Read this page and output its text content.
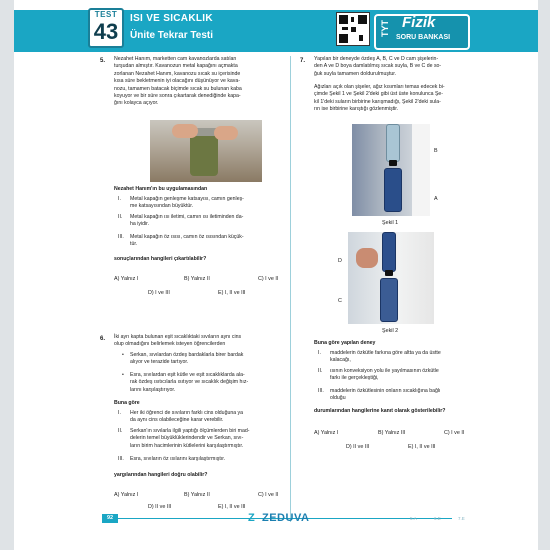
TEST
43
ISI VE SICAKLIK
Ünite Tekrar Testi	TYT Fizik
SORU BANKASI
5. Nezahet Hanım, marketten cam kavanozlarda satılan
turşudan almıştır. Kavanozun metal kapağını açmakta
zorlanan Nezahet Hanım, kavanozu sıcak su içerisinde
kısa süre bekletmenin iyi olacağını düşünüyor ve kava-
nozu, tamamen batacak biçimde sıcak su bulunan kaba
koyuyor ve bir süre sonra çıkartarak denediğinde kapa-
ğını kolayca açıyor.
Nezahet Hanım'ın bu uygulamasından
I. Metal kapağın genleşme katsayısı, camın genleş-
me katsayısından büyüktür.
II. Metal kapağın ısı iletimi, camın ısı iletiminden da-
ha iyidir.
III. Metal kapağın öz ısısı, camın öz ısısından küçük-
tür.
sonuçlarından hangileri çıkartılabilir?
A) Yalnız I	B) Yalnız II	C) I ve II
D) I ve III	E) I, II ve III
6. İki ayrı kapta bulunan eşit sıcaklıktaki sıvıların aynı cins
olup olmadığını belirlemek isteyen öğrencilerden
• Serkan, sıvılardan özdeş bardaklarla birer bardak
alıyor ve terazide tartıyor.
• Esra, sıvılardan eşit kütle ve eşit sıcaklıklarda ala-
rak özdeş ısıtıcılarla ısıtıyor ve sıcaklık değişim hız-
larını karşılaştırıyor.
Buna göre
I. Her iki öğrenci de sıvıların farklı cins olduğuna ya
da aynı cins olabileceğine karar verebilir.
II. Serkan'ın sıvılarla ilgili yaptığı ölçümlerden biri mad-
delerin temel büyüklüklerindendir ve Serkan, sıvı-
ların birim hacimlerinin kütlelerini karşılaştırmıştır.
III. Esra, sıvıların öz ısılarını karşılaştırmıştır.
yargılarından hangileri doğru olabilir?
A) Yalnız I	B) Yalnız II	C) I ve II
D) II ve III	E) I, II ve III
7. Yapılan bir deneyde özdeş A, B, C ve D cam şişelerin-
den A ve D boya damlatılmış sıcak suyla, B ve C de so-
ğuk suyla tamamen dolduruImuştur.
Ağızları açık olan şişeler, ağız kısımları temas edecek bi-
çimde Şekil 1 ve Şekil 2'deki gibi üst üste konulunca Şe-
kil 1'deki suların birbirine karışmadığı, Şekil 2'deki sula-
rın ise birbirine karıştığı gözlenmiştir.
B
A
Şekil 1
D
C
Şekil 2
Buna göre yapılan deney
I. maddelerin özkütle farkına göre altta ya da üstte
kalacağı,
II. ısının konveksiyon yolu ile yayılmasının özkütle
farkı ile gerçekleştiği,
III. maddelerin özkütlesinin onların sıcaklığına bağlı
olduğu
durumlarından hangilerine kanıt olarak gösterilebilir?
A) Yalnız I	B) Yalnız III	C) I ve II
D) II ve III	E) I, II ve III
92	Z ZEDUVA	5.A	6.E	7.E
